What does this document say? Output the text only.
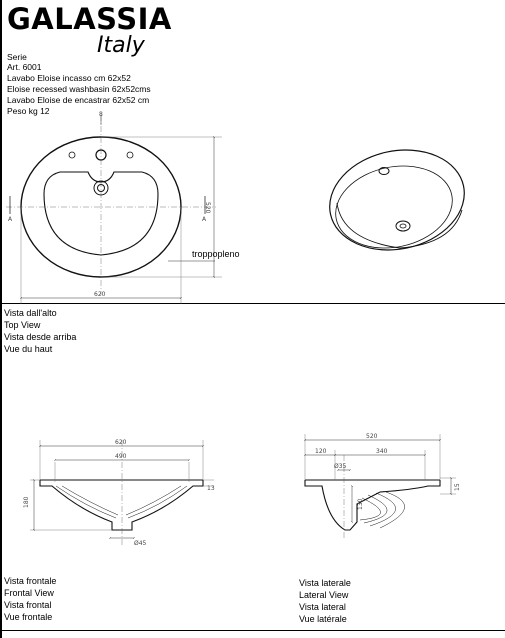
GALASSIA
Italy
Serie
Art. 6001
Lavabo Eloise incasso cm 62x52
Eloise recessed washbasin 62x52cms
Lavabo Eloise de encastrar 62x52 cm
Peso kg 12	8
620
520
A	A
620
490
13
180
Ø45
520
120	340
Ø35
130
15
troppopleno
Vista dall'alto
Top View
Vista desde arriba
Vue du haut
Vista frontale
Frontal View
Vista frontal
Vue frontale
Vista laterale
Lateral View
Vista lateral
Vue latérale
